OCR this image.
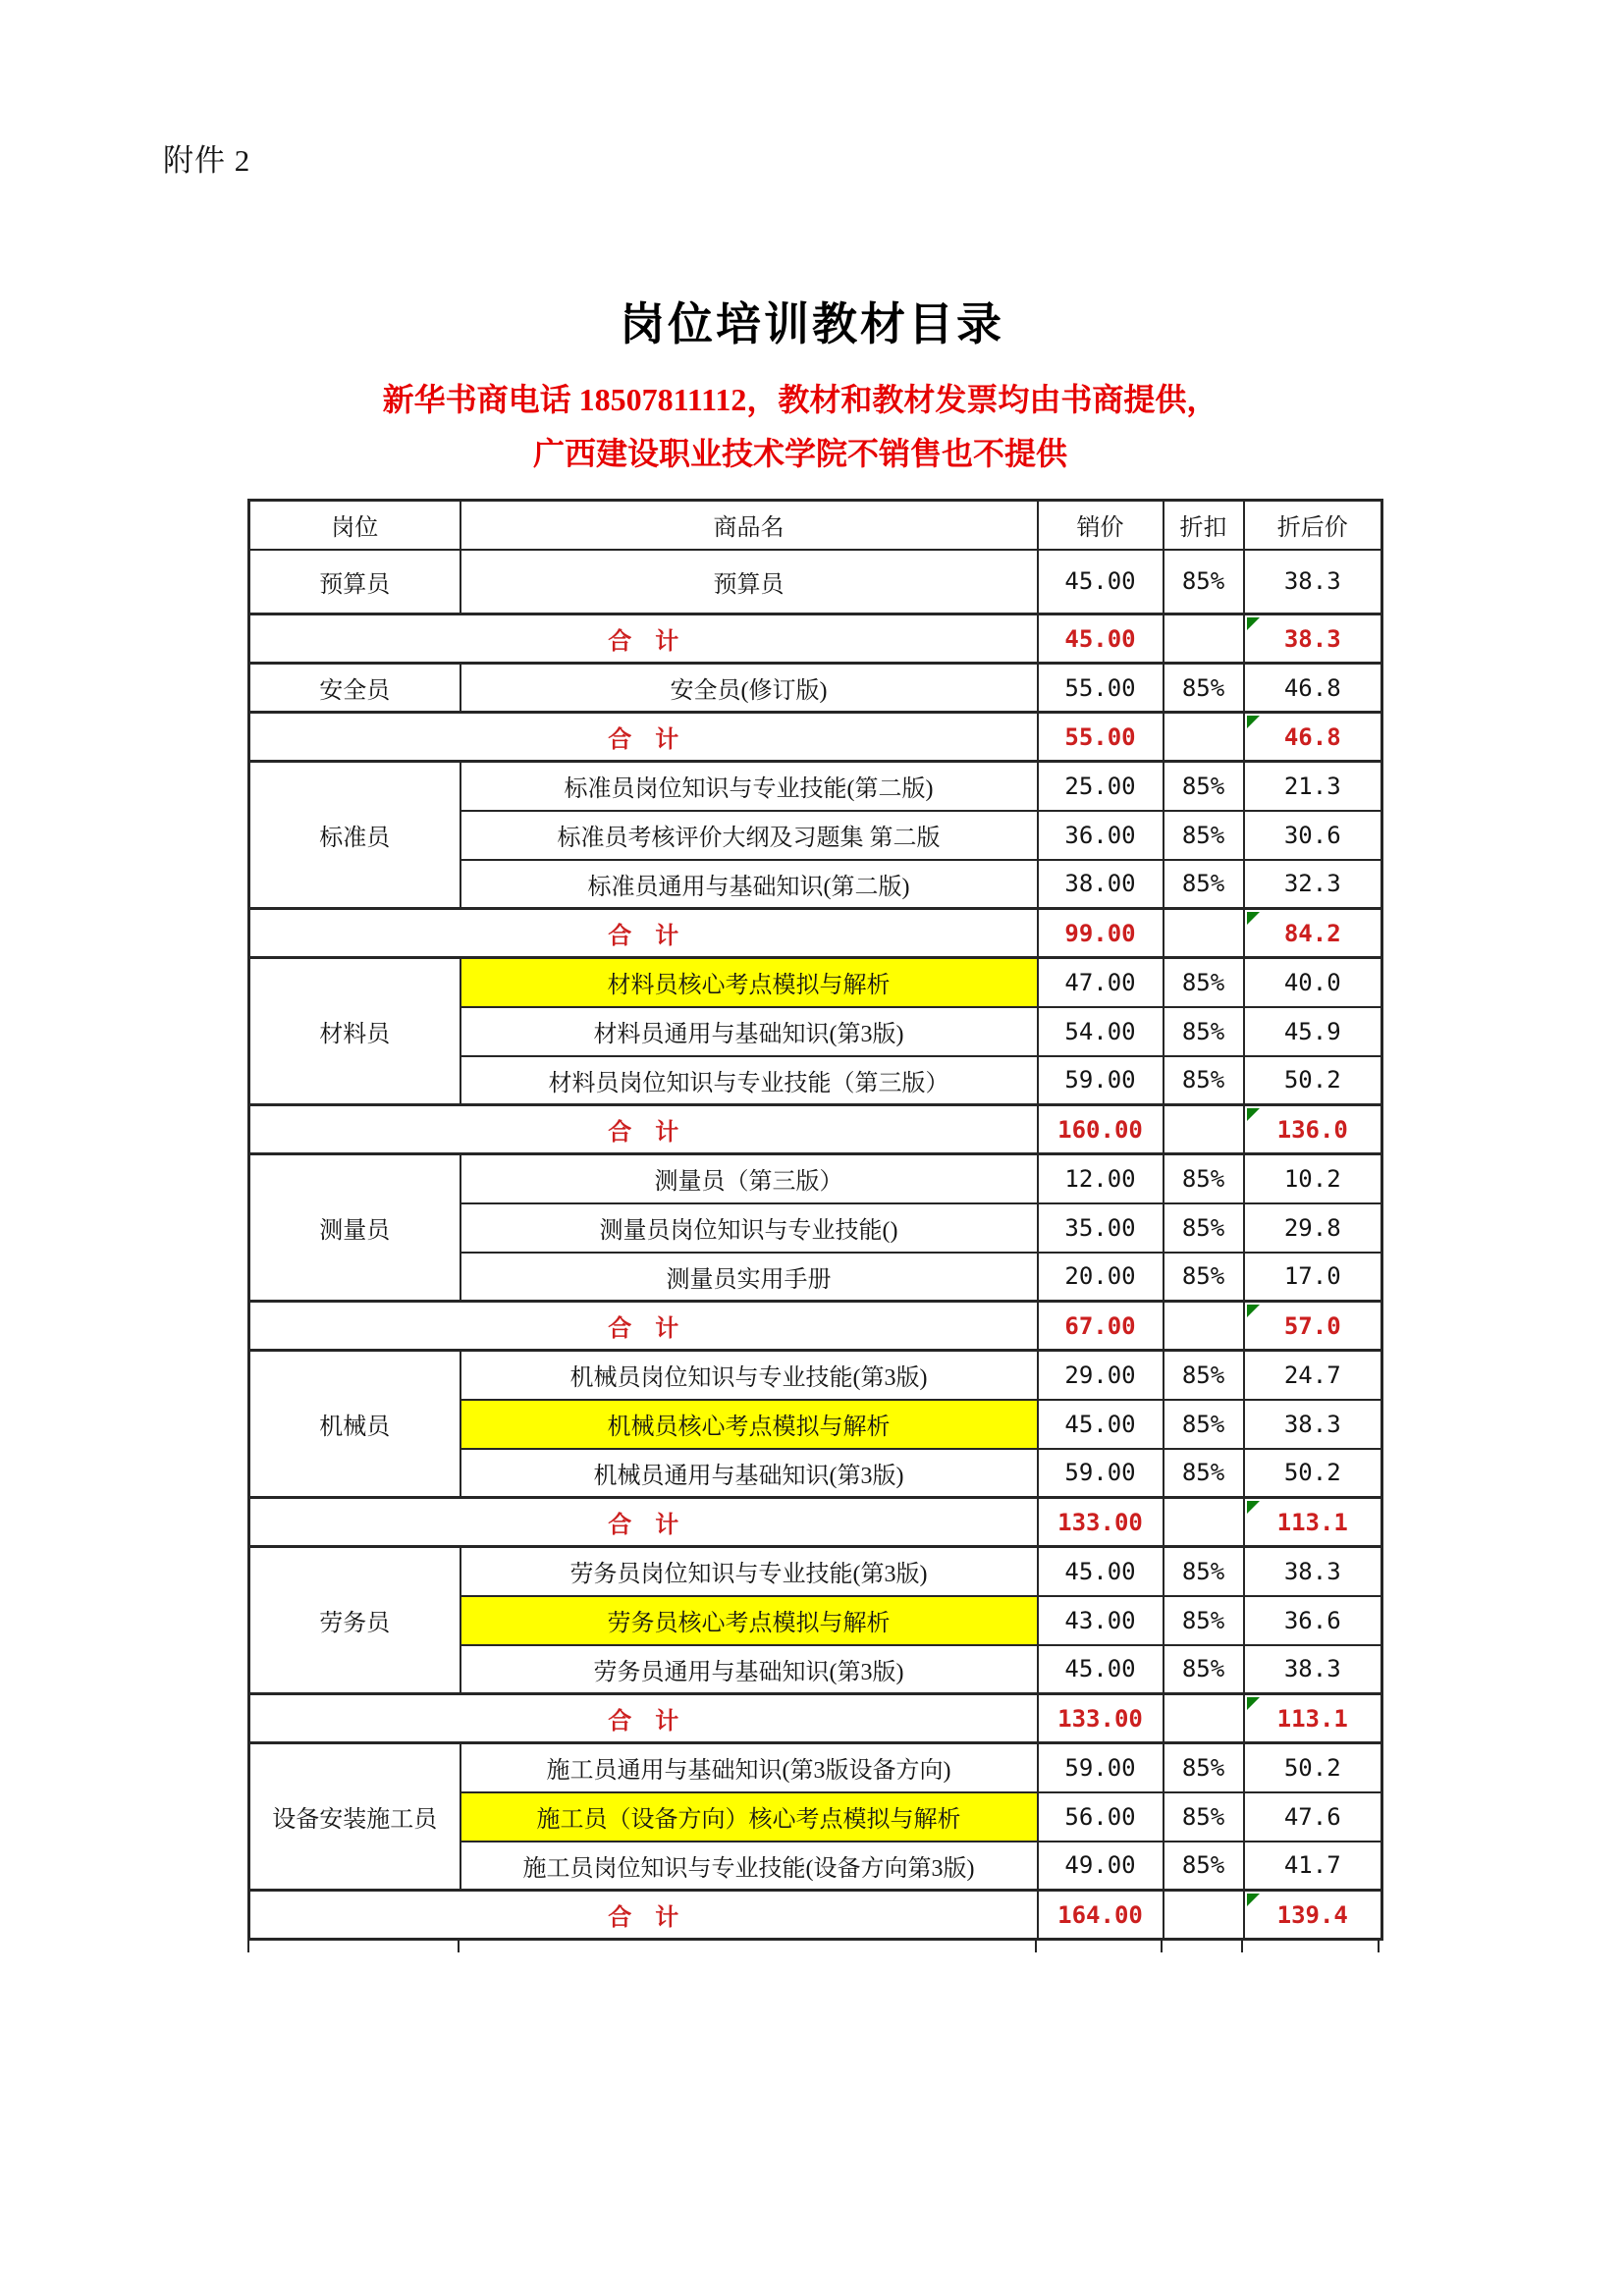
附件 2
岗位培训教材目录
新华书商电话 18507811112，教材和教材发票均由书商提供，
广西建设职业技术学院不销售也不提供
岗位	商品名	销价	折扣	折后价
预算员	预算员	45.00	85%	38.3
合　计		45.00		38.3
安全员	安全员(修订版)	55.00	85%	46.8
合　计		55.00		46.8
标准员	标准员岗位知识与专业技能(第二版)	25.00	85%	21.3
	标准员考核评价大纲及习题集 第二版	36.00	85%	30.6
	标准员通用与基础知识(第二版)	38.00	85%	32.3
合　计		99.00		84.2
材料员	材料员核心考点模拟与解析	47.00	85%	40.0
	材料员通用与基础知识(第3版)	54.00	85%	45.9
	材料员岗位知识与专业技能（第三版）	59.00	85%	50.2
合　计		160.00		136.0
测量员	测量员（第三版）	12.00	85%	10.2
	测量员岗位知识与专业技能()	35.00	85%	29.8
	测量员实用手册	20.00	85%	17.0
合　计		67.00		57.0
机械员	机械员岗位知识与专业技能(第3版)	29.00	85%	24.7
	机械员核心考点模拟与解析	45.00	85%	38.3
	机械员通用与基础知识(第3版)	59.00	85%	50.2
合　计		133.00		113.1
劳务员	劳务员岗位知识与专业技能(第3版)	45.00	85%	38.3
	劳务员核心考点模拟与解析	43.00	85%	36.6
	劳务员通用与基础知识(第3版)	45.00	85%	38.3
合　计		133.00		113.1
设备安装施工员	施工员通用与基础知识(第3版设备方向)	59.00	85%	50.2
	施工员（设备方向）核心考点模拟与解析	56.00	85%	47.6
	施工员岗位知识与专业技能(设备方向第3版)	49.00	85%	41.7
合　计		164.00		139.4
